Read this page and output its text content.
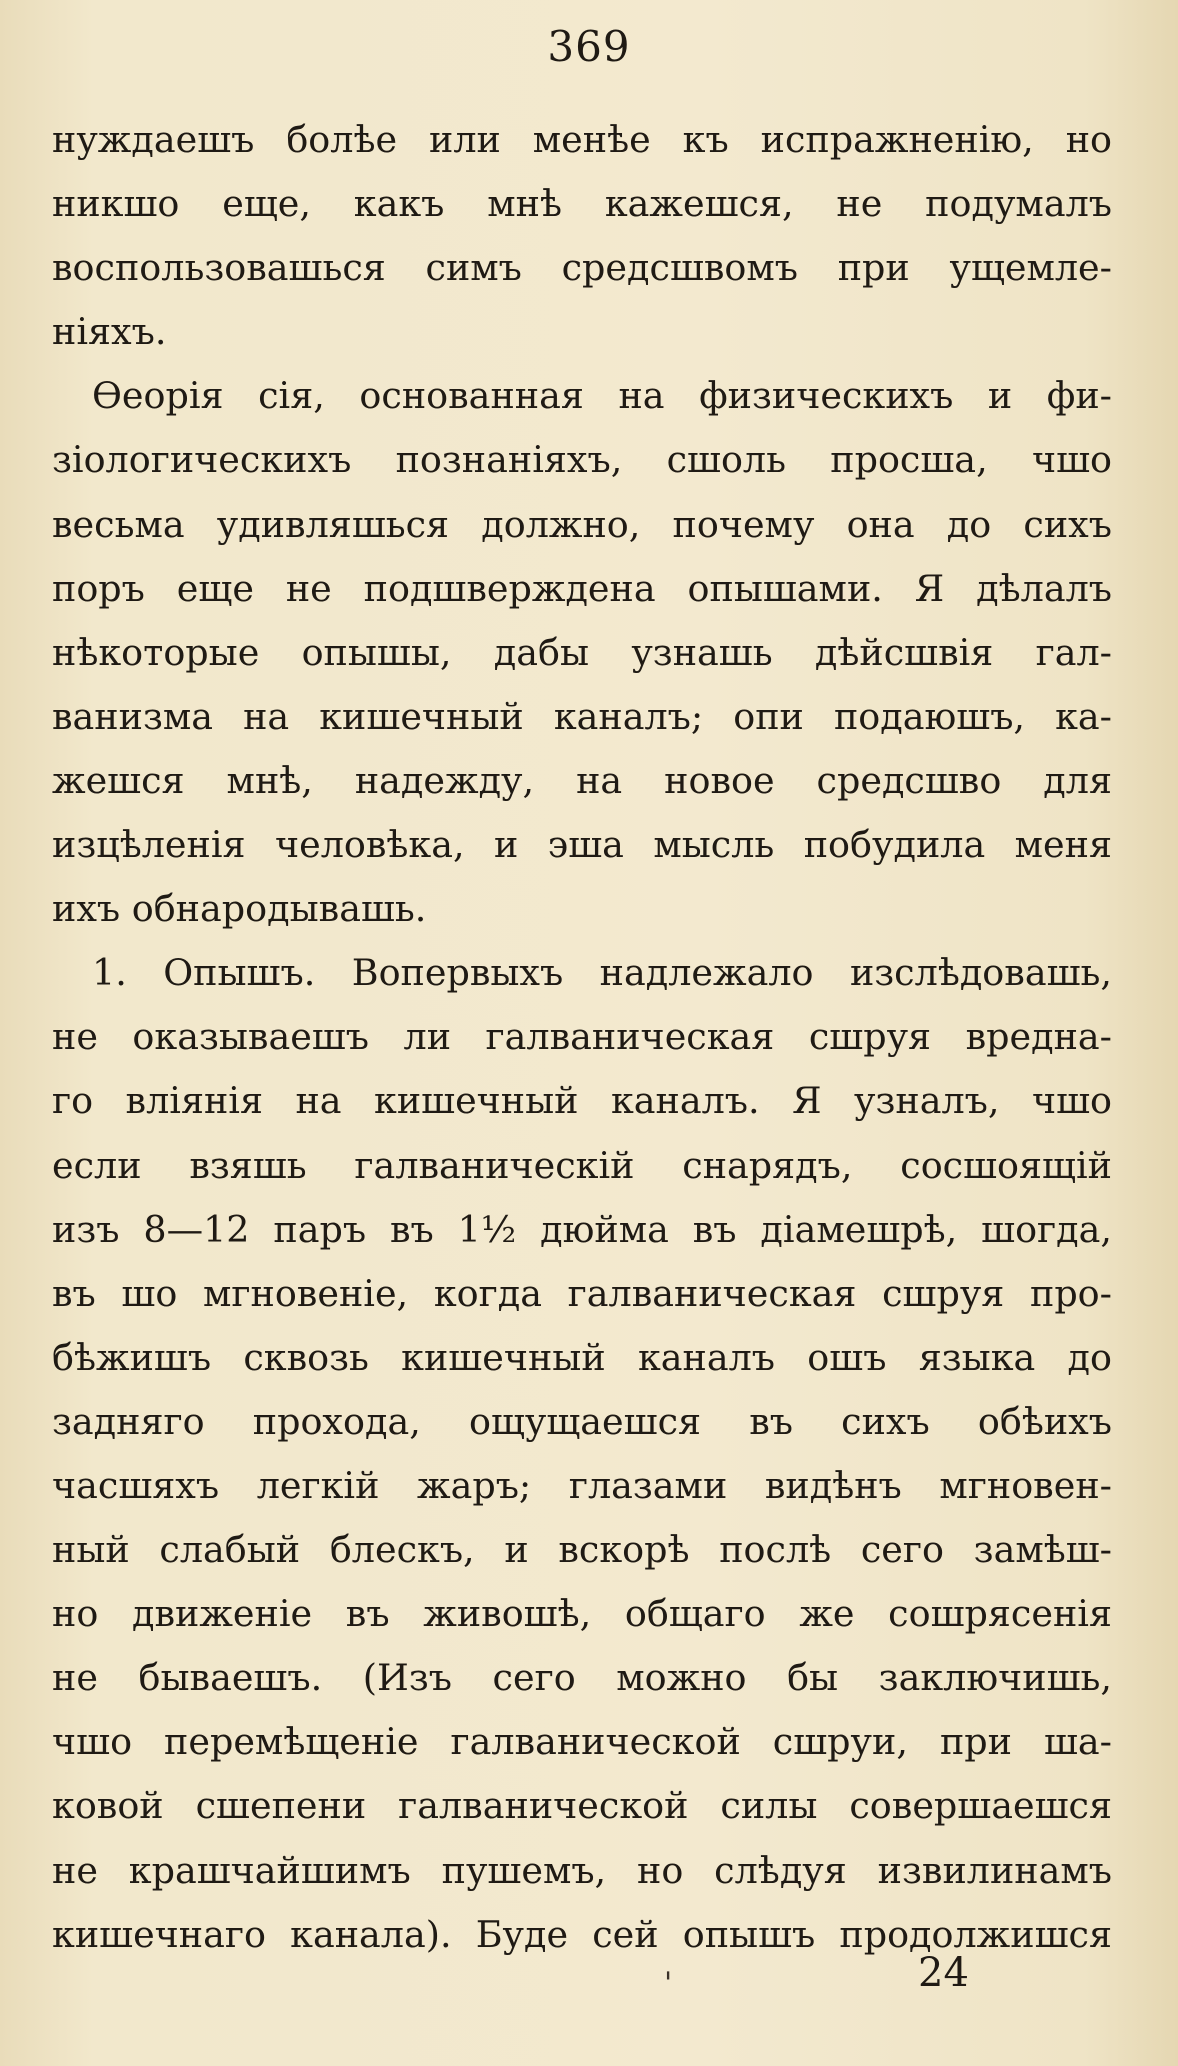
369
нуждаешъ болѣе или менѣе къ испражненію, но
никшо еще, какъ мнѣ кажешся, не подумалъ
воспользовашься симъ средсшвомъ при ущемле-
ніяхъ.
Ѳеорія сія, основанная на физическихъ и фи-
зіологическихъ познаніяхъ, сшоль просша, чшо
весьма удивляшься должно, почему она до сихъ
поръ еще не подшверждена опышами. Я дѣлалъ
нѣкоторые опышы, дабы узнашь дѣйсшвія гал-
ванизма на кишечный каналъ; опи подаюшъ, ка-
жешся мнѣ, надежду, на новое средсшво для
изцѣленія человѣка, и эша мысль побудила меня
ихъ обнародывашь.
1. Опышъ. Вопервыхъ надлежало изслѣдовашь,
не оказываешъ ли галваническая сшруя вредна-
го вліянія на кишечный каналъ. Я узналъ, чшо
если взяшь галваническій снарядъ, сосшоящій
изъ 8—12 паръ въ 1½ дюйма въ діамешрѣ, шогда,
въ шо мгновеніе, когда галваническая сшруя про-
бѣжишъ сквозь кишечный каналъ ошъ языка до
задняго прохода, ощущаешся въ сихъ обѣихъ
часшяхъ легкій жаръ; глазами видѣнъ мгновен-
ный слабый блескъ, и вскорѣ послѣ сего замѣш-
но движеніе въ живошѣ, общаго же сошрясенія
не бываешъ. (Изъ сего можно бы заключишь,
чшо перемѣщеніе галванической сшруи, при ша-
ковой сшепени галванической силы совершаешся
не крашчайшимъ пушемъ, но слѣдуя извилинамъ
кишечнаго канала). Буде сей опышъ продолжишся
'	24
